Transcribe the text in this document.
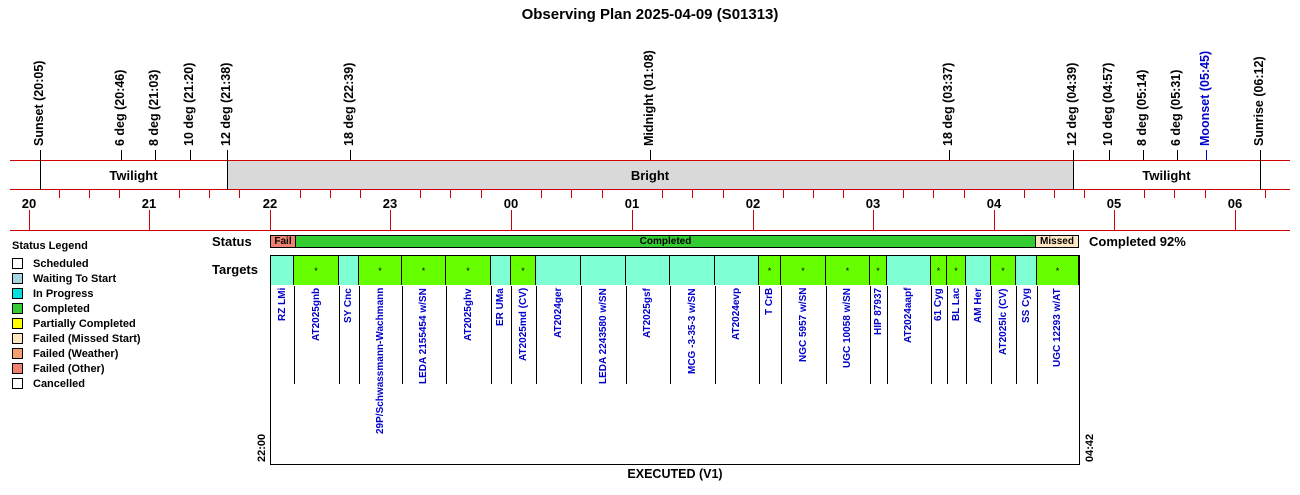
Observing Plan 2025-04-09 (S01313)
Sunset (20:05)	6 deg (20:46) 8 deg (21:03) 10 deg (21:20) 12 deg (21:38)	18 deg (22:39)	Midnight (01:08)	18 deg (03:37)	12 deg (04:39) 10 deg (04:57) 8 deg (05:14) 6 deg (05:31) Moonset (05:45)	Sunrise (06:12)
Twilight	Bright	Twilight
20	21	22	23	00	01	02	03	04	05	06
Status Legend
Scheduled
Waiting To Start
In Progress
Completed
Partially Completed
Failed (Missed Start)
Failed (Weather)
Failed (Other)
Cancelled
Status
Targets
Completed 92%
Fail	Completed	Missed
*	*	*	*	*	*	*	*	*	* *	*	*
RZ LMi AT2025gnb SY Cnc 29P/Schwassmann-Wachmann	LEDA 2155454 w/SN	AT2025ghv ER UMa AT2025md (CV) AT2024ger	LEDA 2243580 w/SN	AT2025gsf	MCG -3-35-3 w/SN	AT2024evp T CrB NGC 5957 w/SN	UGC 10058 w/SN HIP 87937 AT2024aapf 61 Cyg BL Lac AM Her AT2025lc (CV) SS Cyg UGC 12293 w/AT
22:00	04:42
EXECUTED (V1)
